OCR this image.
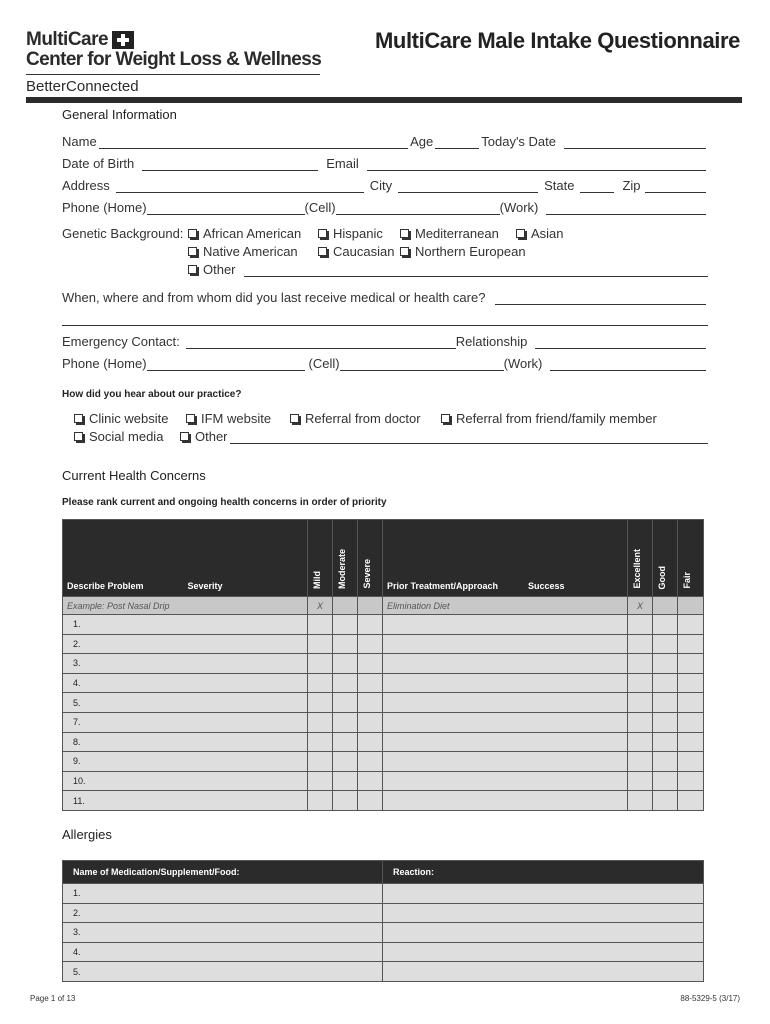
MultiCare
Center for Weight Loss & Wellness
BetterConnected
MultiCare Male Intake Questionnaire
General Information
Name	Age	Today's Date
Date of Birth	Email
Address	City	State	Zip
Phone (Home)	(Cell)	(Work)
Genetic Background: African American Hispanic Mediterranean Asian
Native American	Caucasian Northern European
Other
When, where and from whom did you last receive medical or health care?
Emergency Contact:	Relationship
Phone (Home)	(Cell)	(Work)
How did you hear about our practice?
Clinic website	IFM website	Referral from doctor	Referral from friend/family member
Social media Other
Current Health Concerns
Please rank current and ongoing health concerns in order of priority
Describe Problem Severity	Mild	Moderate	Severe	Prior Treatment/Approach Success	Excellent	Good	Fair
Example: Post Nasal Drip	X			Elimination Diet	X		
1.							
2.							
3.							
4.							
5.							
7.							
8.							
9.							
10.							
11.							
Allergies
Name of Medication/Supplement/Food:	Reaction:
1.	
2.	
3.	
4.	
5.	
Page 1 of 13	88-5329-5 (3/17)
